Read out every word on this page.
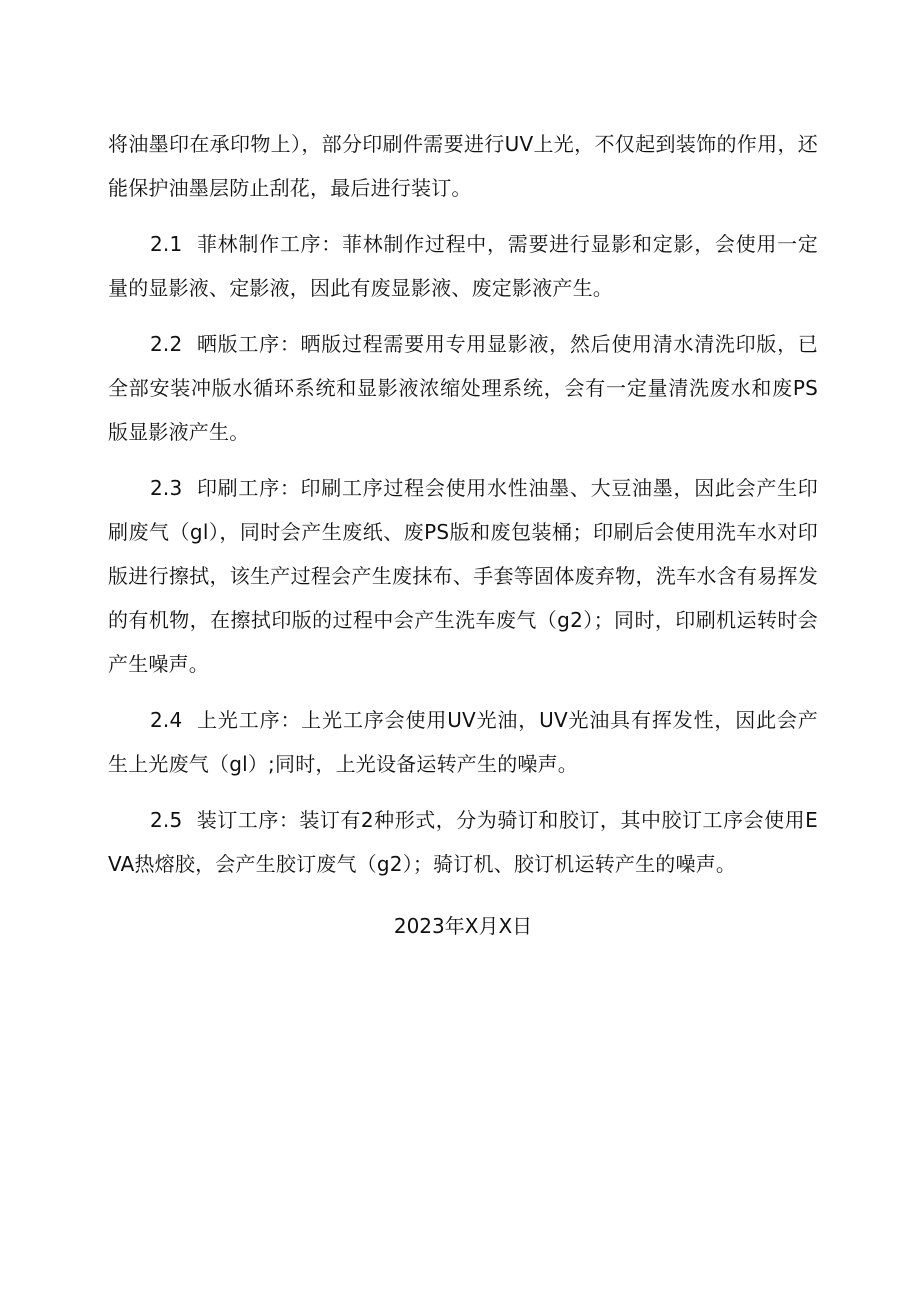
将油墨印在承印物上），部分印刷件需要进行UV上光，不仅起到装饰的作用，还能保护油墨层防止刮花，最后进行装订。

2.1 菲林制作工序：菲林制作过程中，需要进行显影和定影，会使用一定量的显影液、定影液，因此有废显影液、废定影液产生。

2.2 晒版工序：晒版过程需要用专用显影液，然后使用清水清洗印版，已全部安装冲版水循环系统和显影液浓缩处理系统，会有一定量清洗废水和废PS版显影液产生。

2.3 印刷工序：印刷工序过程会使用水性油墨、大豆油墨，因此会产生印刷废气（gl），同时会产生废纸、废PS版和废包装桶；印刷后会使用洗车水对印版进行擦拭，该生产过程会产生废抹布、手套等固体废弃物，洗车水含有易挥发的有机物，在擦拭印版的过程中会产生洗车废气（g2）；同时，印刷机运转时会产生噪声。

2.4 上光工序：上光工序会使用UV光油，UV光油具有挥发性，因此会产生上光废气（gl）;同时，上光设备运转产生的噪声。

2.5 装订工序：装订有2种形式，分为骑订和胶订，其中胶订工序会使用EVA热熔胶，会产生胶订废气（g2）；骑订机、胶订机运转产生的噪声。

2023年X月X日
